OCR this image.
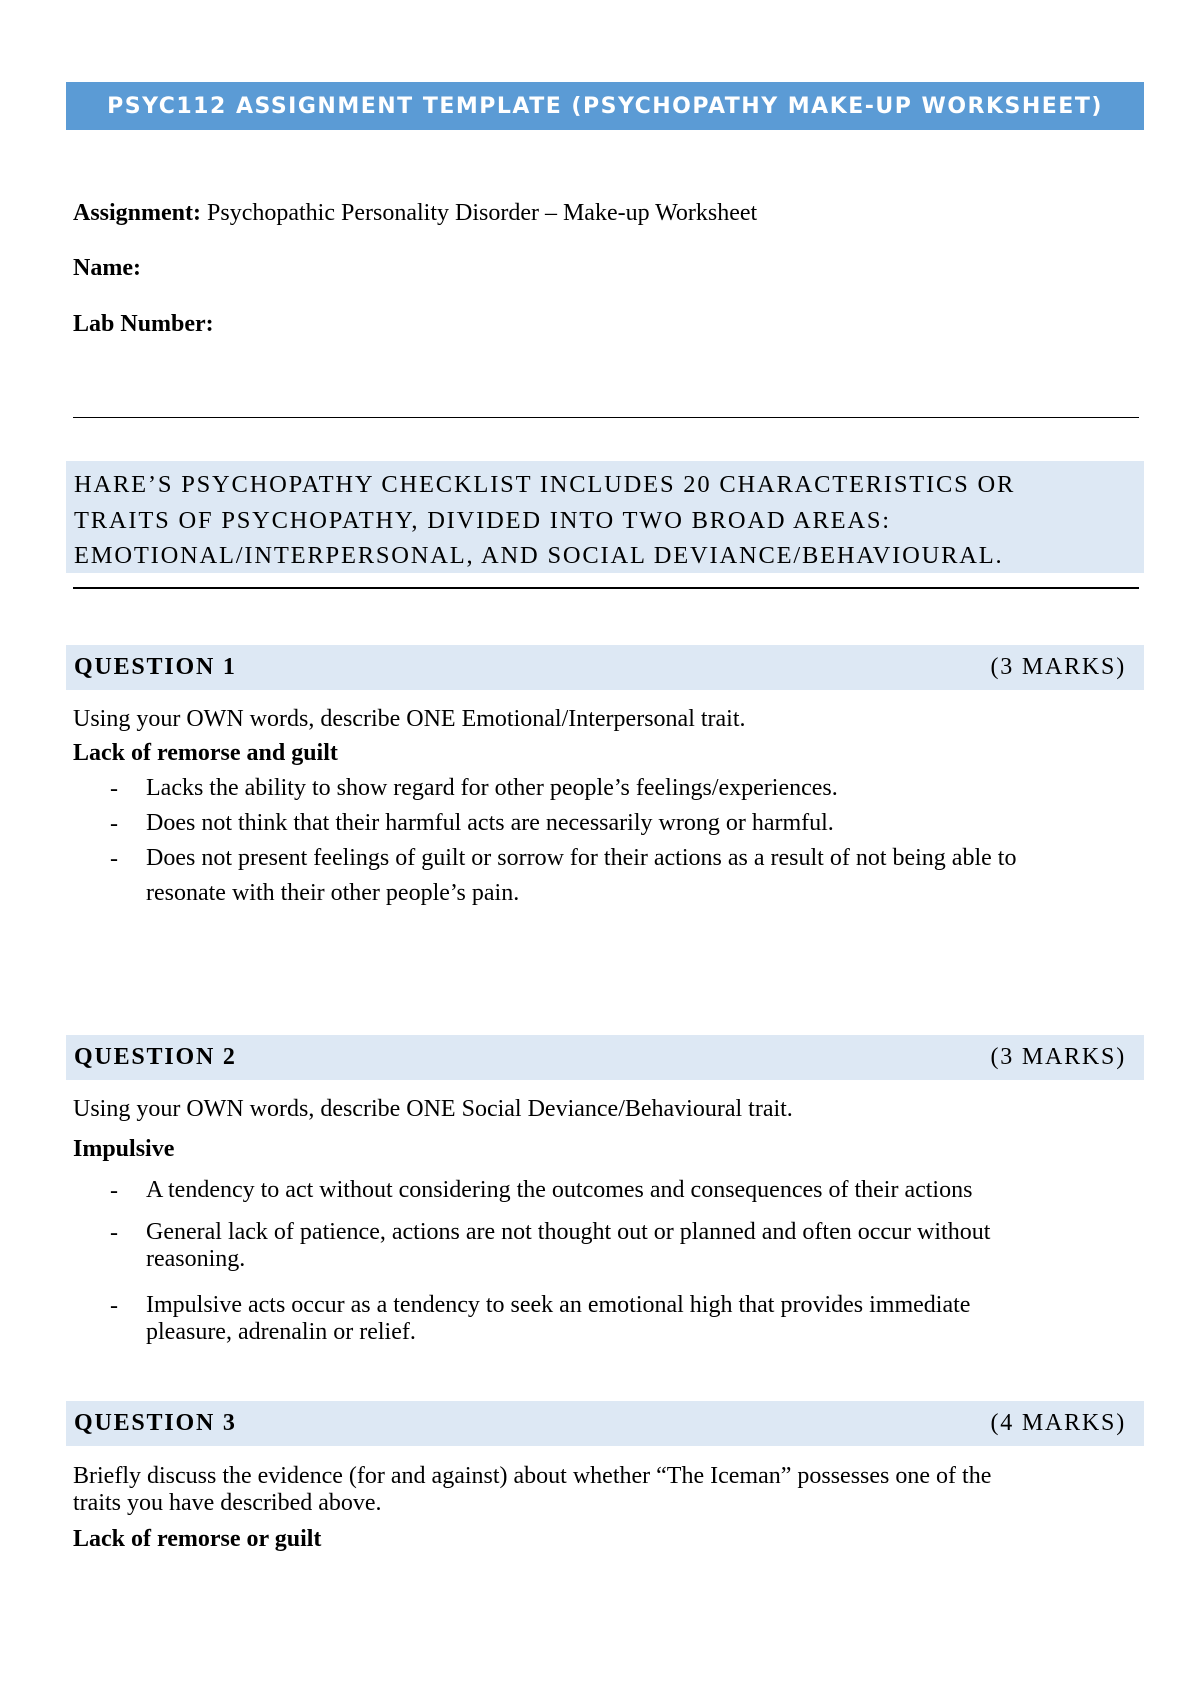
PSYC112 ASSIGNMENT TEMPLATE (PSYCHOPATHY MAKE-UP WORKSHEET)
Assignment: Psychopathic Personality Disorder – Make-up Worksheet
Name:
Lab Number:
HARE’S PSYCHOPATHY CHECKLIST INCLUDES 20 CHARACTERISTICS OR
TRAITS OF PSYCHOPATHY, DIVIDED INTO TWO BROAD AREAS:
EMOTIONAL/INTERPERSONAL, AND SOCIAL DEVIANCE/BEHAVIOURAL.
QUESTION 1	(3 MARKS)
Using your OWN words, describe ONE Emotional/Interpersonal trait.
Lack of remorse and guilt
- Lacks the ability to show regard for other people’s feelings/experiences.
- Does not think that their harmful acts are necessarily wrong or harmful.
- Does not present feelings of guilt or sorrow for their actions as a result of not being able to
resonate with their other people’s pain.
QUESTION 2	(3 MARKS)
Using your OWN words, describe ONE Social Deviance/Behavioural trait.
Impulsive
- A tendency to act without considering the outcomes and consequences of their actions
- General lack of patience, actions are not thought out or planned and often occur without
reasoning.
- Impulsive acts occur as a tendency to seek an emotional high that provides immediate
pleasure, adrenalin or relief.
QUESTION 3	(4 MARKS)
Briefly discuss the evidence (for and against) about whether “The Iceman” possesses one of the
traits you have described above.
Lack of remorse or guilt
